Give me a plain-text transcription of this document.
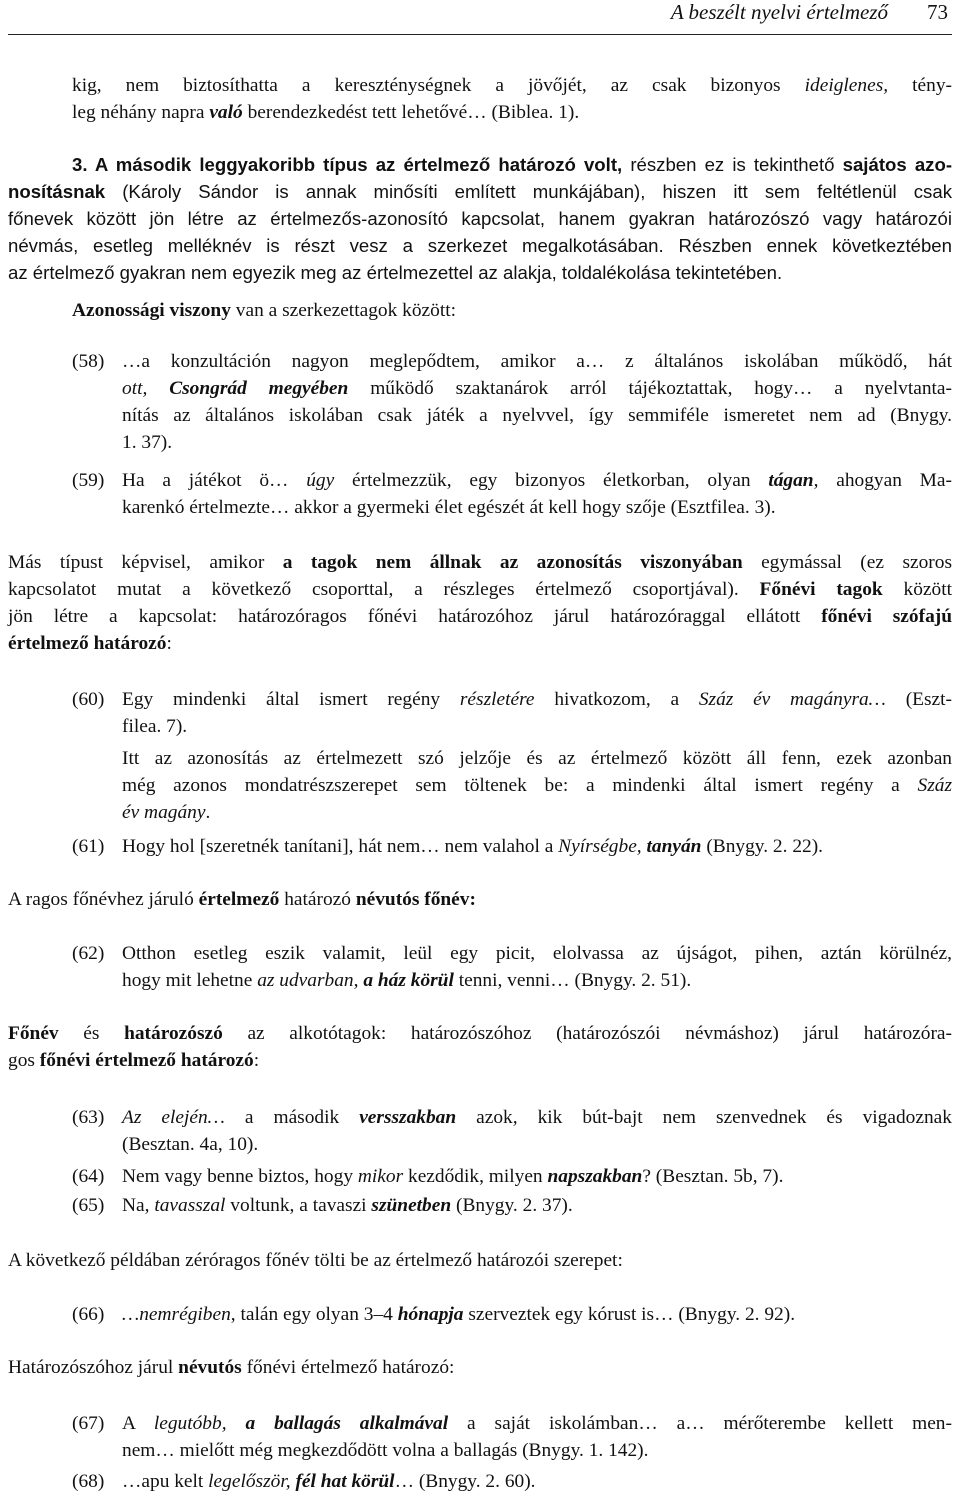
A beszélt nyelvi értelmező 73
kig, nem biztosíthatta a kereszténységnek a jövőjét, az csak bizonyos ideiglenes, tény-
leg néhány napra való berendezkedést tett lehetővé… (Biblea. 1).
3. A második leggyakoribb típus az értelmező határozó volt, részben ez is tekinthető sajátos azo-
nosításnak (Károly Sándor is annak minősíti említett munkájában), hiszen itt sem feltétlenül csak
főnevek között jön létre az értelmezős-azonosító kapcsolat, hanem gyakran határozószó vagy határozói
névmás, esetleg melléknév is részt vesz a szerkezet megalkotásában. Részben ennek következtében
az értelmező gyakran nem egyezik meg az értelmezettel az alakja, toldalékolása tekintetében.
Azonossági viszony van a szerkezettagok között:
(58) …a konzultáción nagyon meglepődtem, amikor a… z általános iskolában működő, hát
ott, Csongrád megyében működő szaktanárok arról tájékoztattak, hogy… a nyelvtanta-
nítás az általános iskolában csak játék a nyelvvel, így semmiféle ismeretet nem ad (Bnygy.
1. 37).
(59) Ha a játékot ö… úgy értelmezzük, egy bizonyos életkorban, olyan tágan, ahogyan Ma-
karenkó értelmezte… akkor a gyermeki élet egészét át kell hogy szője (Esztfilea. 3).
Más típust képvisel, amikor a tagok nem állnak az azonosítás viszonyában egymással (ez szoros
kapcsolatot mutat a következő csoporttal, a részleges értelmező csoportjával). Főnévi tagok között
jön létre a kapcsolat: határozóragos főnévi határozóhoz járul határozóraggal ellátott főnévi szófajú
értelmező határozó:
(60) Egy mindenki által ismert regény részletére hivatkozom, a Száz év magányra… (Eszt-
filea. 7).
Itt az azonosítás az értelmezett szó jelzője és az értelmező között áll fenn, ezek azonban
még azonos mondatrészszerepet sem töltenek be: a mindenki által ismert regény a Száz
év magány.
(61) Hogy hol [szeretnék tanítani], hát nem… nem valahol a Nyírségbe, tanyán (Bnygy. 2. 22).
A ragos főnévhez járuló értelmező határozó névutós főnév:
(62) Otthon esetleg eszik valamit, leül egy picit, elolvassa az újságot, pihen, aztán körülnéz,
hogy mit lehetne az udvarban, a ház körül tenni, venni… (Bnygy. 2. 51).
Főnév és határozószó az alkotótagok: határozószóhoz (határozószói névmáshoz) járul határozóra-
gos főnévi értelmező határozó:
(63) Az elején… a második versszakban azok, kik bút-bajt nem szenvednek és vigadoznak
(Besztan. 4a, 10).
(64) Nem vagy benne biztos, hogy mikor kezdődik, milyen napszakban? (Besztan. 5b, 7).
(65) Na, tavasszal voltunk, a tavaszi szünetben (Bnygy. 2. 37).
A következő példában zéróragos főnév tölti be az értelmező határozói szerepet:
(66) …nemrégiben, talán egy olyan 3–4 hónapja szerveztek egy kórust is… (Bnygy. 2. 92).
Határozószóhoz járul névutós főnévi értelmező határozó:
(67) A legutóbb, a ballagás alkalmával a saját iskolámban… a… mérőterembe kellett men-
nem… mielőtt még megkezdődött volna a ballagás (Bnygy. 1. 142).
(68) …apu kelt legelőször, fél hat körül… (Bnygy. 2. 60).
